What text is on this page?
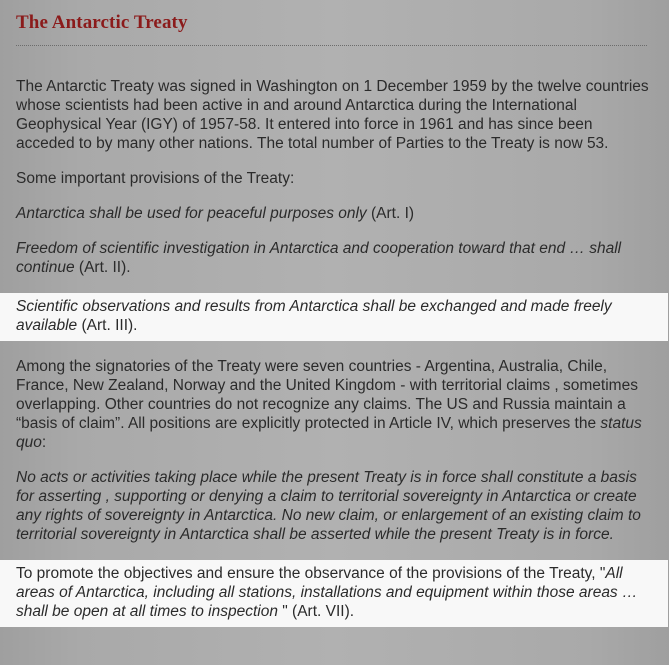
The Antarctic Treaty

The Antarctic Treaty was signed in Washington on 1 December 1959 by the twelve countries whose scientists had been active in and around Antarctica during the International Geophysical Year (IGY) of 1957-58. It entered into force in 1961 and has since been acceded to by many other nations. The total number of Parties to the Treaty is now 53.

Some important provisions of the Treaty:

Antarctica shall be used for peaceful purposes only (Art. I)

Freedom of scientific investigation in Antarctica and cooperation toward that end … shall continue (Art. II).

Scientific observations and results from Antarctica shall be exchanged and made freely available (Art. III).

Among the signatories of the Treaty were seven countries - Argentina, Australia, Chile, France, New Zealand, Norway and the United Kingdom - with territorial claims , sometimes overlapping. Other countries do not recognize any claims. The US and Russia maintain a “basis of claim”. All positions are explicitly protected in Article IV, which preserves the status quo:

No acts or activities taking place while the present Treaty is in force shall constitute a basis for asserting , supporting or denying a claim to territorial sovereignty in Antarctica or create any rights of sovereignty in Antarctica. No new claim, or enlargement of an existing claim to territorial sovereignty in Antarctica shall be asserted while the present Treaty is in force.

To promote the objectives and ensure the observance of the provisions of the Treaty, "All areas of Antarctica, including all stations, installations and equipment within those areas … shall be open at all times to inspection " (Art. VII).
